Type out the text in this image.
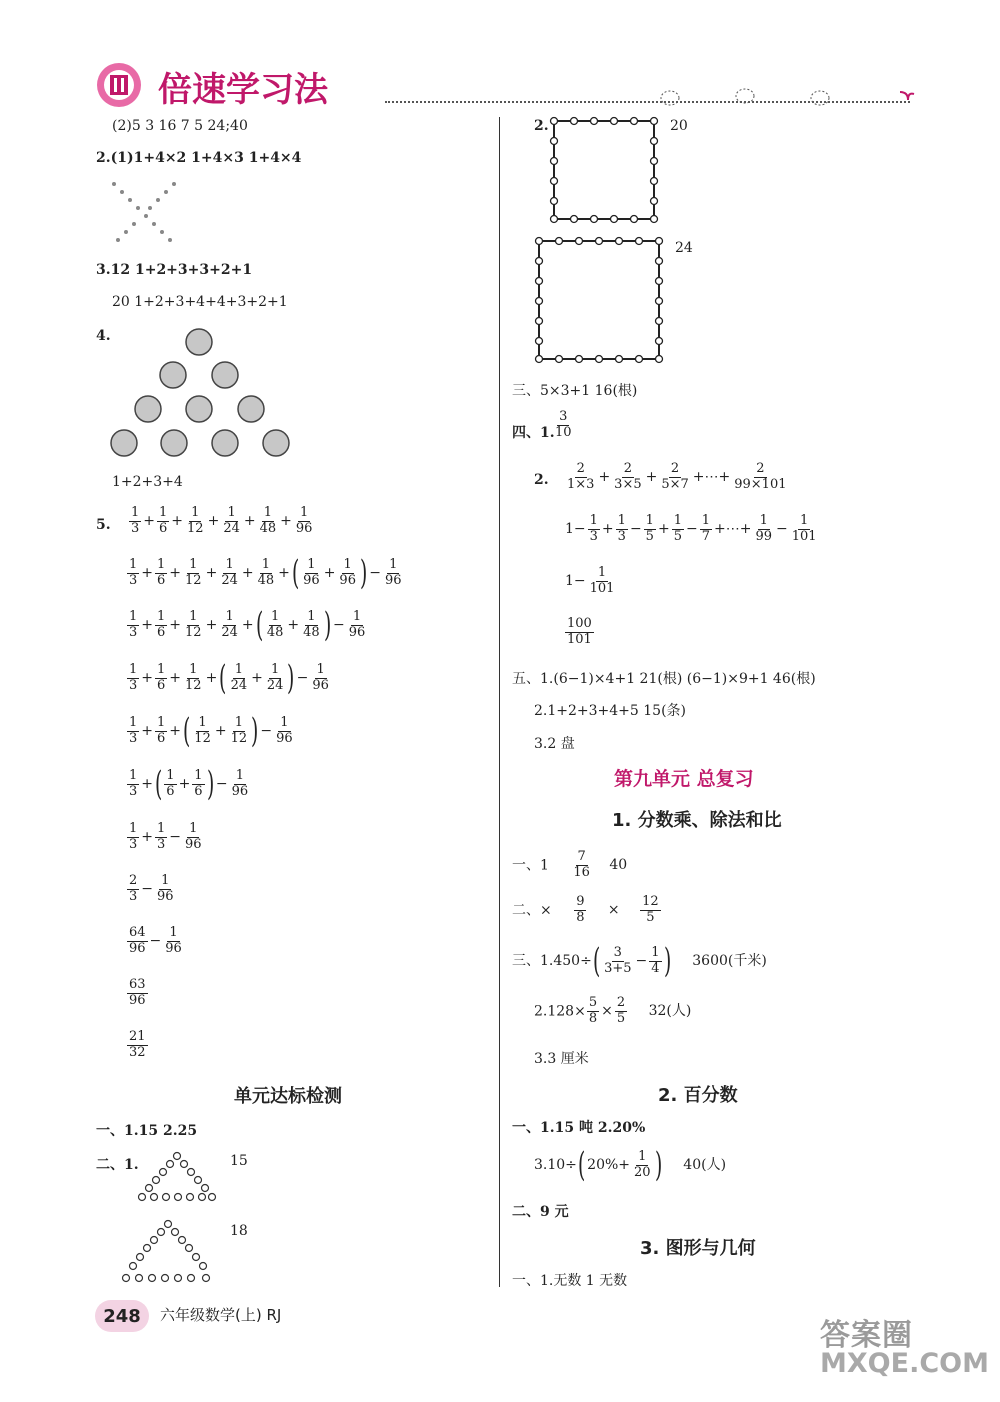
倍速学习法
(2)5 3 16 7 5 24;40
2.(1)1+4×2 1+4×3 1+4×4
3.12 1+2+3+3+2+1
20 1+2+3+4+4+3+2+1
4.
1+2+3+4
5. $\frac{1}{3} + \frac{1}{6} + \frac{1}{12} + \frac{1}{24} + \frac{1}{48} + \frac{1}{96}$
$\frac{1}{3} + \frac{1}{6} + \frac{1}{12} + \frac{1}{24} + \frac{1}{48}$ +( $\frac{1}{96} + \frac{1}{96}$ ) − $\frac{1}{96}$
$\frac{1}{3} + \frac{1}{6} + \frac{1}{12} + \frac{1}{24}$ +( $\frac{1}{48} + \frac{1}{48}$ ) − $\frac{1}{96}$
$\frac{1}{3} + \frac{1}{6} + \frac{1}{12}$ +( $\frac{1}{24} + \frac{1}{24}$ ) − $\frac{1}{96}$
$\frac{1}{3} + \frac{1}{6}$ +( $\frac{1}{12} + \frac{1}{12}$ ) − $\frac{1}{96}$
$\frac{1}{3}$ +( $\frac{1}{6} + \frac{1}{6}$ ) − $\frac{1}{96}$
$\frac{1}{3} + \frac{1}{3} - \frac{1}{96}$
$\frac{2}{3} - \frac{1}{96}$
$\frac{64}{96} - \frac{1}{96}$
$\frac{63}{96}$
$\frac{21}{32}$
单元达标检测
一、1.15 2.25
二、1.	15
18
2.	20
24
三、5×3+1 16(根)
四、1.
$\frac{3}{10}$
2. $\frac{2}{1\times 3} + \frac{2}{3\times 5} + \frac{2}{5\times 7}$ +⋯+ $\frac{2}{99\times 101}$
$1- \frac{1}{3} + \frac{1}{3} - \frac{1}{5} + \frac{1}{5} - \frac{1}{7}$ +⋯+ $\frac{1}{99} - \frac{1}{101}$
$1- \frac{1}{101}$
$\frac{100}{101}$
五、1.(6−1)×4+1 21(根) (6−1)×9+1 46(根)
2.1+2+3+4+5 15(条)
3.2 盘
第九单元 总复习
1. 分数乘、除法和比
一、$1 \frac{7}{16} 40$
二、× $\frac{9}{8} \times \frac{12}{5}$
三、$1.450\div( \frac{3}{3+5} - \frac{1}{4}$ ) 3600(千米)
$2.128\times \frac{5}{8} \times \frac{2}{5} 32$(人)
3.3 厘米
2. 百分数
一、1.15 吨 2.20%
3.10÷( $20\%+ \frac{1}{20}$ ) 40(人)
二、9 元
3. 图形与几何
一、1.无数 1 无数
248	六年级数学(上) RJ
答案圈
MXQE.COM
